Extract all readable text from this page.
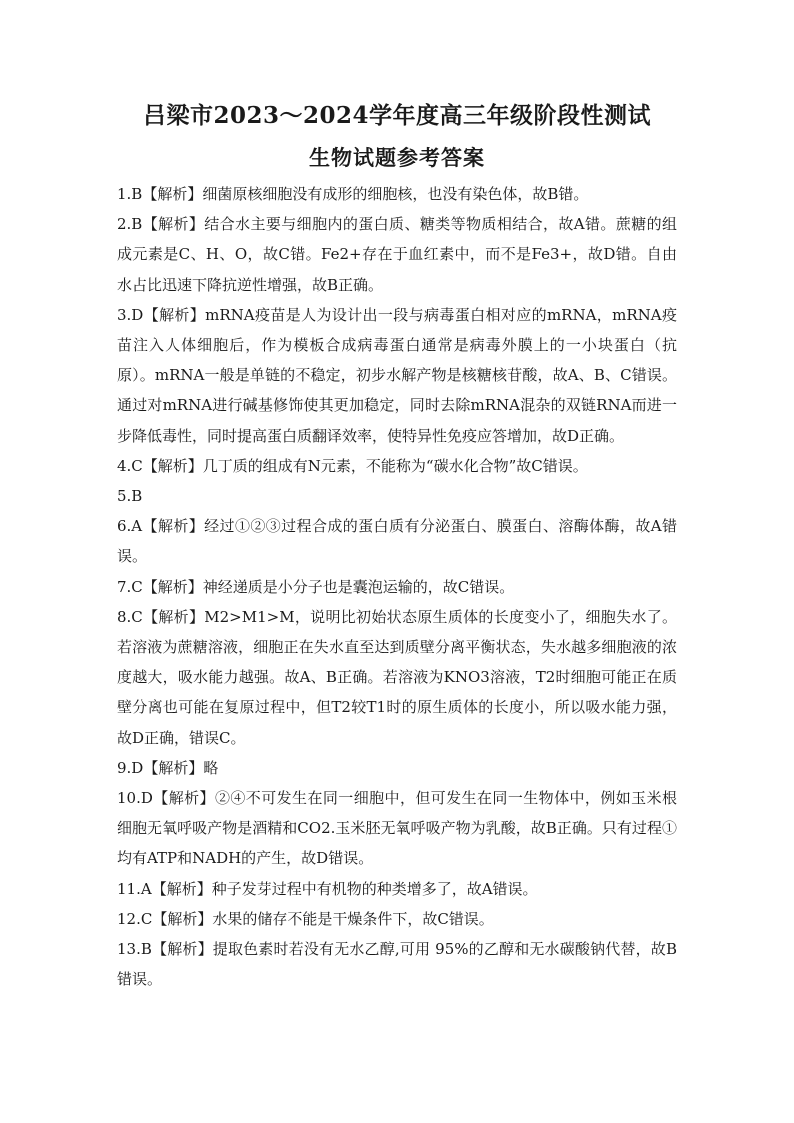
吕梁市2023～2024学年度高三年级阶段性测试
生物试题参考答案

1.B【解析】细菌原核细胞没有成形的细胞核，也没有染色体，故B错。

2.B【解析】结合水主要与细胞内的蛋白质、糖类等物质相结合，故A错。蔗糖的组成元素是C、H、O，故C错。Fe2+存在于血红素中，而不是Fe3+，故D错。自由水占比迅速下降抗逆性增强，故B正确。

3.D【解析】mRNA疫苗是人为设计出一段与病毒蛋白相对应的mRNA，mRNA疫苗注入人体细胞后，作为模板合成病毒蛋白通常是病毒外膜上的一小块蛋白（抗原）。mRNA一般是单链的不稳定，初步水解产物是核糖核苷酸，故A、B、C错误。通过对mRNA进行碱基修饰使其更加稳定，同时去除mRNA混杂的双链RNA而进一步降低毒性，同时提高蛋白质翻译效率，使特异性免疫应答增加，故D正确。

4.C【解析】几丁质的组成有N元素，不能称为“碳水化合物”故C错误。

5.B

6.A【解析】经过①②③过程合成的蛋白质有分泌蛋白、膜蛋白、溶酶体酶，故A错误。

7.C【解析】神经递质是小分子也是囊泡运输的，故C错误。

8.C【解析】M2>M1>M，说明比初始状态原生质体的长度变小了，细胞失水了。若溶液为蔗糖溶液，细胞正在失水直至达到质壁分离平衡状态，失水越多细胞液的浓度越大，吸水能力越强。故A、B正确。若溶液为KNO3溶液，T2时细胞可能正在质壁分离也可能在复原过程中，但T2较T1时的原生质体的长度小，所以吸水能力强，故D正确，错误C。

9.D【解析】略

10.D【解析】②④不可发生在同一细胞中，但可发生在同一生物体中，例如玉米根细胞无氧呼吸产物是酒精和CO2.玉米胚无氧呼吸产物为乳酸，故B正确。只有过程①均有ATP和NADH的产生，故D错误。

11.A【解析】种子发芽过程中有机物的种类增多了，故A错误。

12.C【解析】水果的储存不能是干燥条件下，故C错误。

13.B【解析】提取色素时若没有无水乙醇,可用 95%的乙醇和无水碳酸钠代替，故B错误。
